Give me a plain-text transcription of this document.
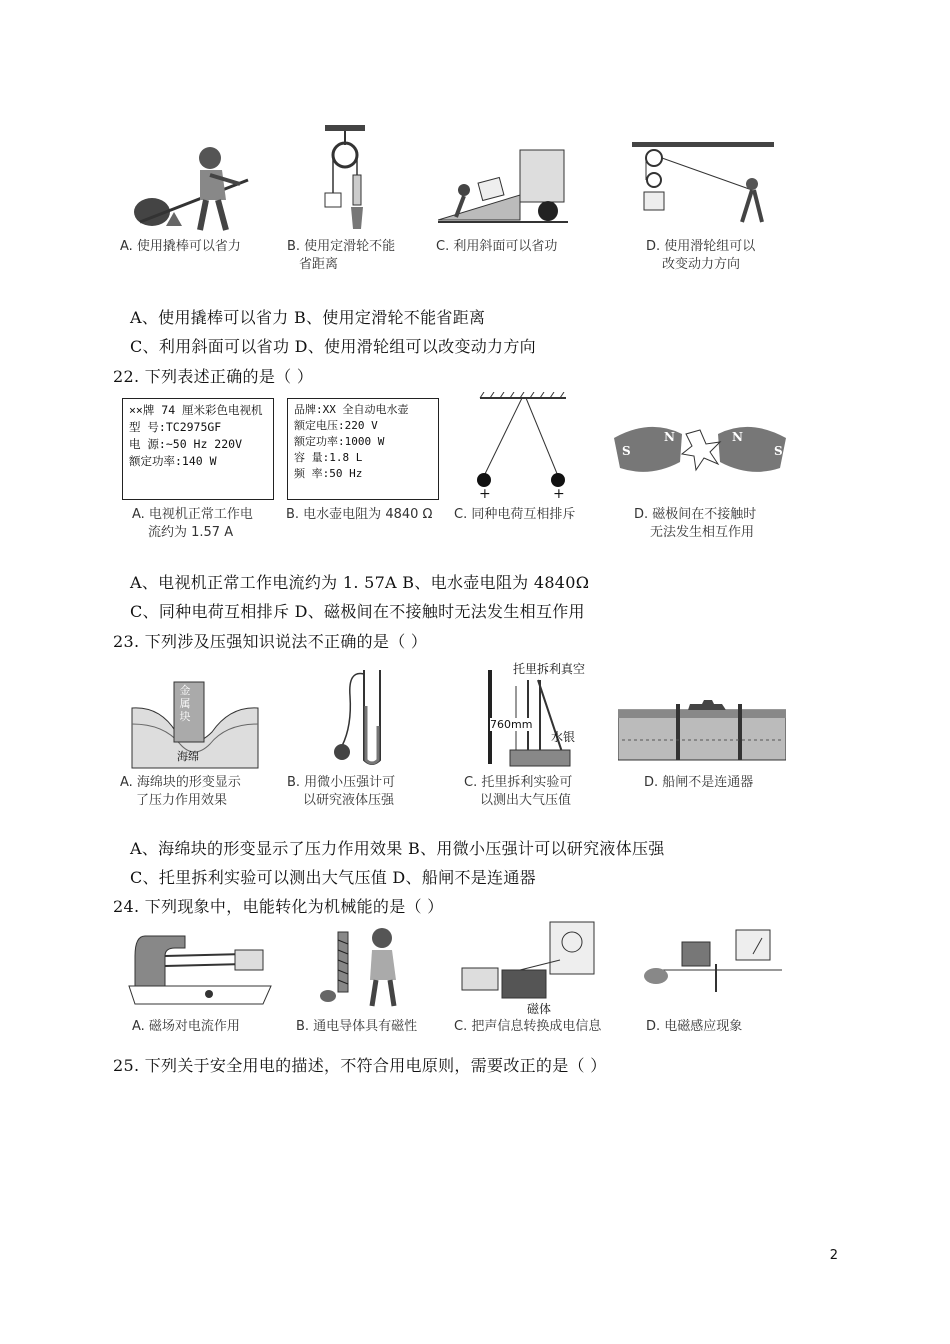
A. 使用撬棒可以省力	B. 使用定滑轮不能
省距离
C. 利用斜面可以省功	D. 使用滑轮组可以
改变动力方向
A、使用撬棒可以省力 B、使用定滑轮不能省距离
C、利用斜面可以省功 D、使用滑轮组可以改变动力方向
22. 下列表述正确的是（ ）
××牌 74 厘米彩色电视机
型 号:TC2975GF
电 源:~50 Hz 220V
额定功率:140 W
品牌:XX 全自动电水壶
额定电压:220 V
额定功率:1000 W
容 量:1.8 L
频 率:50 Hz
+	+
S
N	N
S
A. 电视机正常工作电
流约为 1.57 A
B. 电水壶电阻为 4840 Ω C. 同种电荷互相排斥	D. 磁极间在不接触时
无法发生相互作用
A、电视机正常工作电流约为 1. 57A B、电水壶电阻为 4840Ω
C、同种电荷互相排斥 D、磁极间在不接触时无法发生相互作用
23. 下列涉及压强知识说法不正确的是（ ）
金属块
海绵
托里拆利真空
760mm
水银
A. 海绵块的形变显示
了压力作用效果
B. 用微小压强计可
以研究液体压强
C. 托里拆利实验可
以测出大气压值
D. 船闸不是连通器
A、海绵块的形变显示了压力作用效果 B、用微小压强计可以研究液体压强
C、托里拆利实验可以测出大气压值 D、船闸不是连通器
24. 下列现象中，电能转化为机械能的是（ ）
磁体
A. 磁场对电流作用	B. 通电导体具有磁性	C. 把声信息转换成电信息	D. 电磁感应现象
25. 下列关于安全用电的描述，不符合用电原则，需要改正的是（ ）
2
